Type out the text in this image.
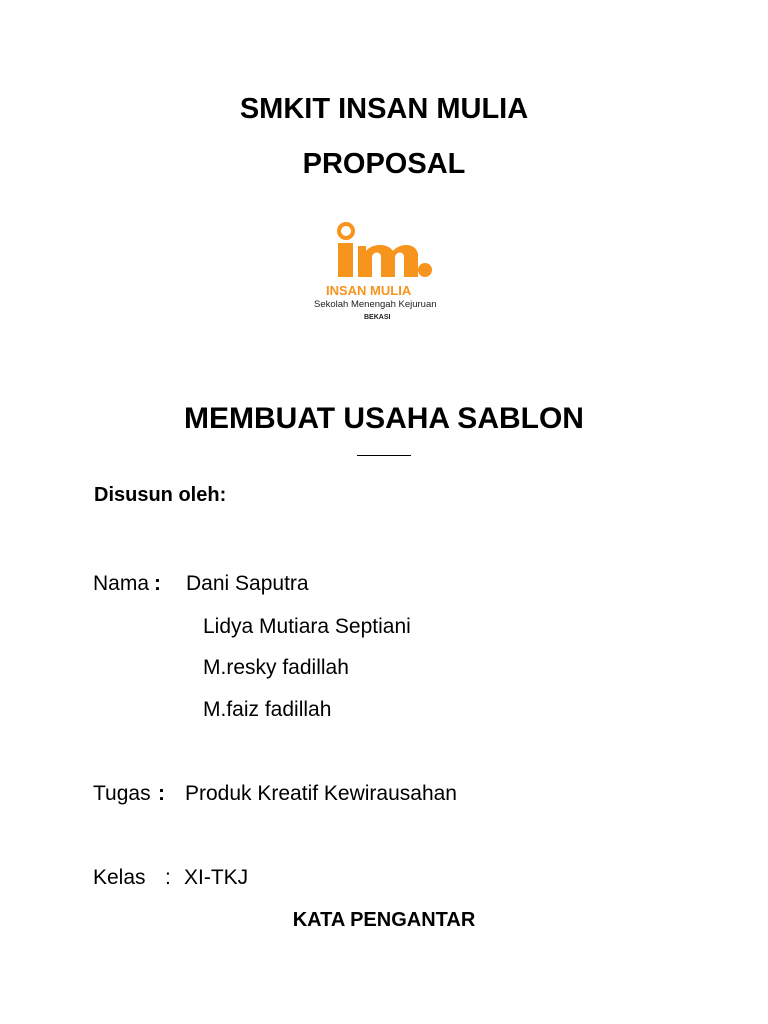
SMKIT INSAN MULIA
PROPOSAL
INSAN MULIA
Sekolah Menengah Kejuruan
BEKASI
MEMBUAT USAHA SABLON
Disusun oleh:
Nama : Dani Saputra
Lidya Mutiara Septiani
M.resky fadillah
M.faiz fadillah
Tugas : Produk Kreatif Kewirausahan
Kelas : XI-TKJ
KATA PENGANTAR
